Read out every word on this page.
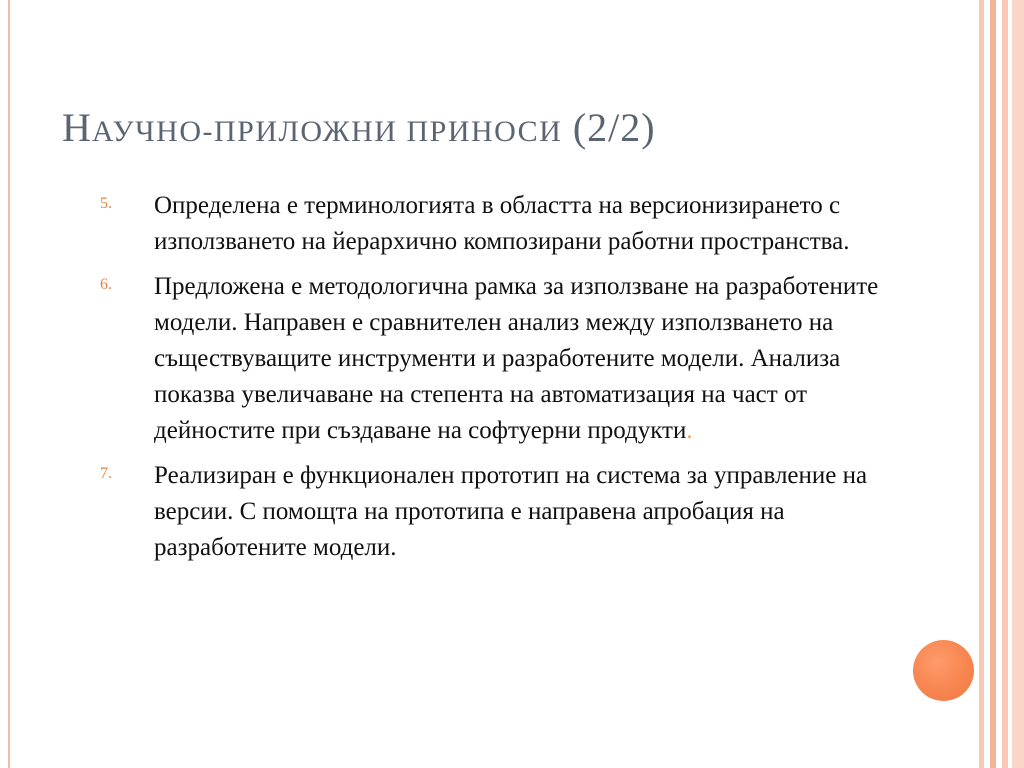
НАУЧНО-ПРИЛОЖНИ ПРИНОСИ (2/2)
5. Определена е терминологията в областта на версионизирането с използването на йерархично композирани работни пространства.
6. Предложена е методологична рамка за използване на разработените модели. Направен е сравнителен анализ между използването на съществуващите инструменти и разработените модели. Анализа показва увеличаване на степента на автоматизация на част от дейностите при създаване на софтуерни продукти.
7. Реализиран е функционален прототип на система за управление на версии. С помощта на прототипа е направена апробация на разработените модели.
